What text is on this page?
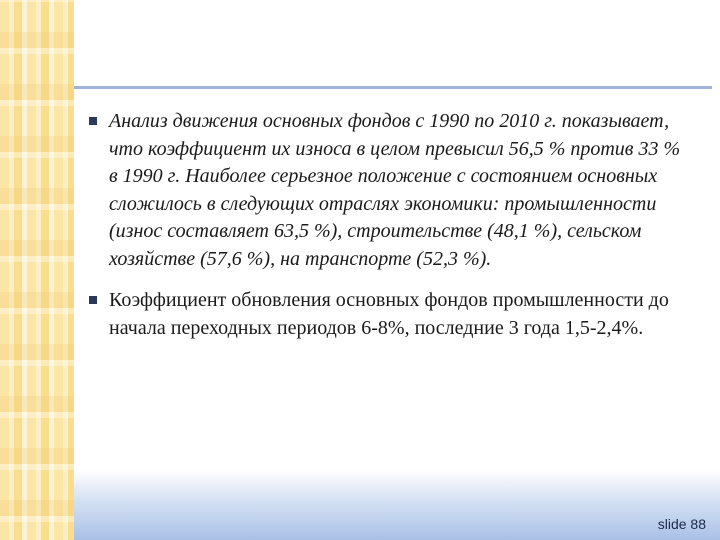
Анализ движения основных фондов с 1990 по 2010 г. показывает, что коэффициент их износа в целом превысил 56,5 % против 33 % в 1990 г. Наиболее серьезное положение с состоянием основных сложилось в следующих отраслях экономики: промышленности (износ составляет 63,5 %), строительстве (48,1 %), сельском хозяйстве (57,6 %), на транспорте (52,3 %).
Коэффициент обновления основных фондов промышленности до начала переходных периодов 6-8%, последние 3 года 1,5-2,4%.
slide 88
